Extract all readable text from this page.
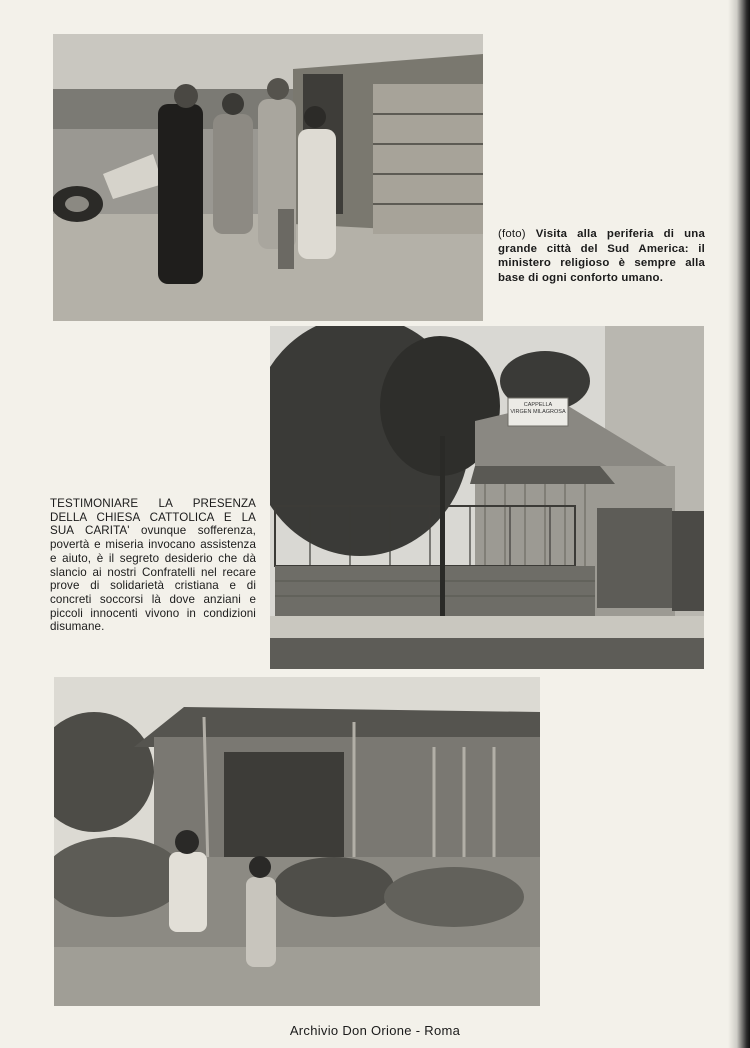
(foto) Visita alla periferia di una grande città del Sud America: il ministero religioso è sempre alla base di ogni conforto umano.
CAPPELLA
VIRGEN MILAGROSA
TESTIMONIARE LA PRESENZA DELLA CHIESA CATTOLICA E LA SUA CARITA' ovunque sofferenza, povertà e miseria invocano assistenza e aiuto, è il segreto desiderio che dà slancio ai nostri Confratelli nel recare prove di solidarietà cristiana e di concreti soccorsi là dove anziani e piccoli innocenti vivono in condizioni disumane.
Archivio Don Orione - Roma
